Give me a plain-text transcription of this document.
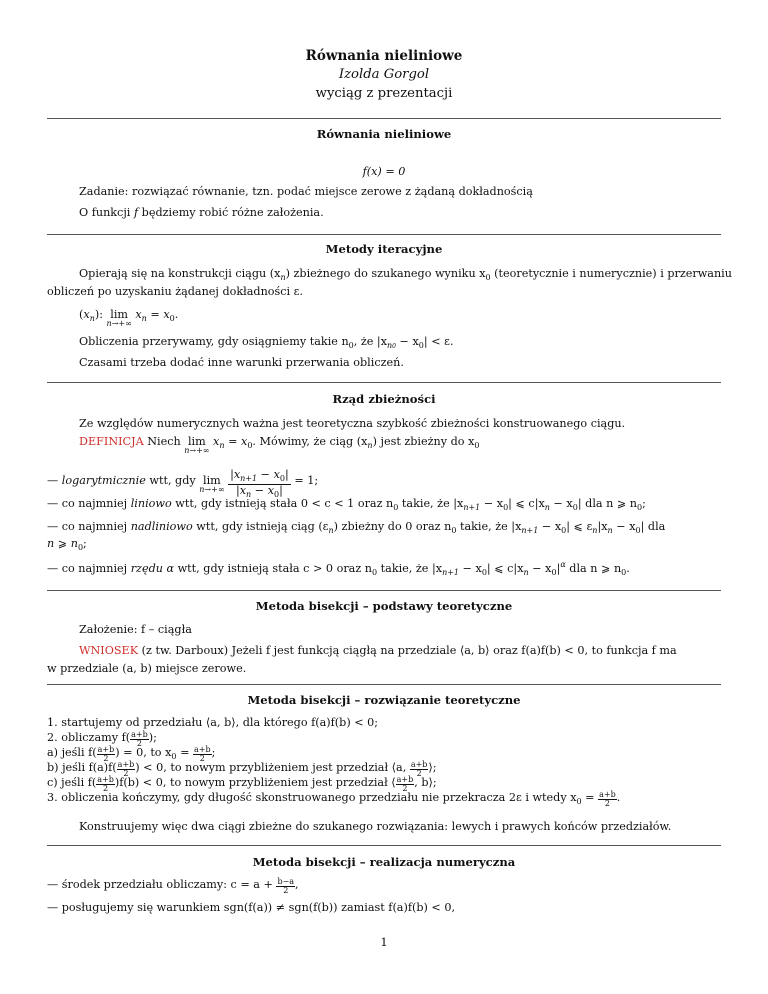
Równania nieliniowe
Izolda Gorgol
wyciąg z prezentacji
Równania nieliniowe
f(x) = 0
Zadanie: rozwiązać równanie, tzn. podać miejsce zerowe z żądaną dokładnością
O funkcji f będziemy robić różne założenia.
Metody iteracyjne
Opierają się na konstrukcji ciągu $(x_n)$ zbieżnego do szukanego wyniku $x_0$ (teoretycznie i numerycznie) i przerwaniu
obliczeń po uzyskaniu żądanej dokładności ε.
$(x_n)$: lim
n→+∞
$x_n = x_0$.
Obliczenia przerywamy, gdy osiągniemy takie $n_0$, że $|x_{n0} - x_0| < \varepsilon$.
Czasami trzeba dodać inne warunki przerwania obliczeń.
Rząd zbieżności
Ze względów numerycznych ważna jest teoretyczna szybkość zbieżności konstruowanego ciągu.
DEFINICJA Niech lim
n→+∞
$x_n = x_0$. Mówimy, że ciąg $(x_n)$ jest zbieżny do $x_0$
— logarytmicznie wtt, gdy lim
n→+∞
$\frac{|x_{n+1} - x_0|}{|x_n - x_0|} = 1$;
— co najmniej liniowo wtt, gdy istnieją stała 0 < c < 1 oraz $n_0$ takie, że $|x_{n+1} - x_0|$ ⩽ $c|x_n - x_0|$ dla n ⩾ $n_0$;
— co najmniej nadliniowo wtt, gdy istnieją ciąg $(\varepsilon_n)$ zbieżny do 0 oraz $n_0$ takie, że $|x_{n+1} - x_0|$ ⩽ $\varepsilon_n|x_n - x_0|$ dla
n ⩾ $n_0$;
— co najmniej rzędu α wtt, gdy istnieją stała c > 0 oraz $n_0$ takie, że $|x_{n+1} - x_0|$ ⩽ $c|x_n - x_0|^\alpha$ dla n ⩾ $n_0$.
Metoda bisekcji – podstawy teoretyczne
Założenie: f – ciągła
WNIOSEK (z tw. Darboux) Jeżeli f jest funkcją ciągłą na przedziale ⟨a, b⟩ oraz f(a)f(b) < 0, to funkcja f ma
w przedziale (a, b) miejsce zerowe.
Metoda bisekcji – rozwiązanie teoretyczne
1. startujemy od przedziału ⟨a, b⟩, dla którego f(a)f(b) < 0;
2. obliczamy $f( \frac{a+b}{2}$ );
a) jeśli $f( \frac{a+b}{2}$ ) = 0, to $x_0 = \frac{a+b}{2}$ ;
b) jeśli $f(a)f( \frac{a+b}{2}$ ) < 0, to nowym przybliżeniem jest przedział ⟨a, $\frac{a+b}{2}$ ⟩;
c) jeśli $f( \frac{a+b}{2} )f(b) < 0$, to nowym przybliżeniem jest przedział ⟨ $\frac{a+b}{2}$ , b⟩;
3. obliczenia kończymy, gdy długość skonstruowanego przedziału nie przekracza 2ε i wtedy $x_0 = \frac{a+b}{2}$ .
Konstruujemy więc dwa ciągi zbieżne do szukanego rozwiązania: lewych i prawych końców przedziałów.
Metoda bisekcji – realizacja numeryczna
— środek przedziału obliczamy: $c = a + \frac{b-a}{2}$ ,
— posługujemy się warunkiem sgn(f(a)) ≠ sgn(f(b)) zamiast f(a)f(b) < 0,
1
